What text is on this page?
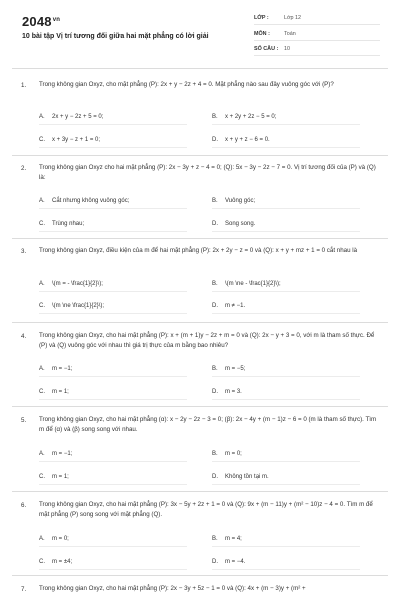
$2048^{vn}$
10 bài tập Vị trí tương đối giữa hai mặt phẳng có lời giải
LỚP :	Lớp 12
MÔN :	Toán
SỐ CÂU : 10
1. Trong không gian Oxyz, cho mặt phẳng (P): 2x + y − 2z + 4 = 0. Mặt phẳng nào sau đây vuông góc với (P)?
A. 2x + y − 2z + 5 = 0;	B. x + 2y + 2z − 5 = 0;
C. x + 3y − z + 1 = 0;	D. x + y + z − 6 = 0.
2. Trong không gian Oxyz cho hai mặt phẳng (P): 2x − 3y + z − 4 = 0; (Q): 5x − 3y − 2z − 7 = 0. Vị trí tương đối của (P) và (Q) là:
A. Cắt nhưng không vuông góc;	B. Vuông góc;
C. Trùng nhau;	D. Song song.
3. Trong không gian Oxyz, điều kiện của m để hai mặt phẳng (P): 2x + 2y − z = 0 và (Q): x + y + mz + 1 = 0 cắt nhau là
A. \(m = - \frac{1}{2}\);	B. \(m \ne - \frac{1}{2}\);
C. \(m \ne \frac{1}{2}\);	D. m ≠ −1.
4. Trong không gian Oxyz, cho hai mặt phẳng (P): x + (m + 1)y − 2z + m = 0 và (Q): 2x − y + 3 = 0, với m là tham số thực. Để (P) và (Q) vuông góc với nhau thì giá trị thực của m bằng bao nhiêu?
A. m = −1;	B. m = −5;
C. m = 1;	D. m = 3.
5. Trong không gian Oxyz, cho hai mặt phẳng (α): x − 2y − 2z − 3 = 0; (β): 2x − 4y + (m − 1)z − 6 = 0 (m là tham số thực). Tìm m để (α) và (β) song song với nhau.
A. m = −1;	B. m = 0;
C. m = 1;	D. Không tồn tại m.
6. Trong không gian Oxyz, cho hai mặt phẳng (P): 3x − 5y + 2z + 1 = 0 và (Q): 9x + (m − 11)y + (m² − 10)z − 4 = 0. Tìm m để mặt phẳng (P) song song với mặt phẳng (Q).
A. m = 0;	B. m = 4;
C. m = ±4;	D. m = −4.
7. Trong không gian Oxyz, cho hai mặt phẳng (P): 2x − 3y + 5z − 1 = 0 và (Q): 4x + (m − 3)y + (m² +
